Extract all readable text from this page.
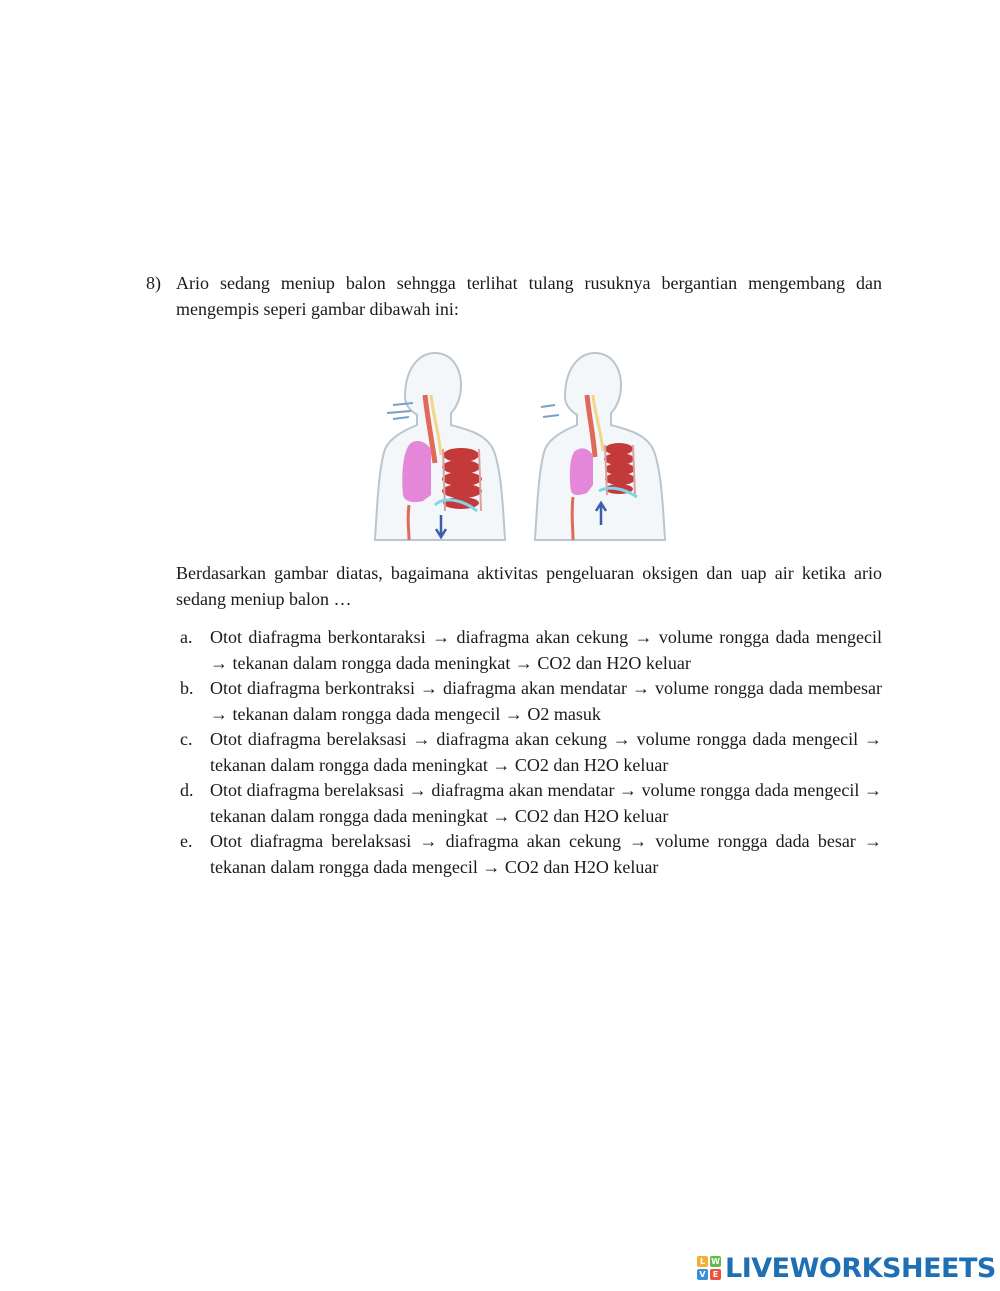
8) Ario sedang meniup balon sehngga terlihat tulang rusuknya bergantian mengembang dan mengempis seperi gambar dibawah ini:
Berdasarkan gambar diatas, bagaimana aktivitas pengeluaran oksigen dan uap air ketika ario sedang meniup balon …
a. Otot diafragma berkontaraksi → diafragma akan cekung → volume rongga dada mengecil → tekanan dalam rongga dada meningkat → CO2 dan H2O keluar
b. Otot diafragma berkontraksi → diafragma akan mendatar → volume rongga dada membesar → tekanan dalam rongga dada mengecil → O2 masuk
c. Otot diafragma berelaksasi → diafragma akan cekung → volume rongga dada mengecil → tekanan dalam rongga dada meningkat → CO2 dan H2O keluar
d. Otot diafragma berelaksasi → diafragma akan mendatar → volume rongga dada mengecil → tekanan dalam rongga dada meningkat → CO2 dan H2O keluar
e. Otot diafragma berelaksasi → diafragma akan cekung → volume rongga dada besar → tekanan dalam rongga dada mengecil → CO2 dan H2O keluar
L W
V E LIVEWORKSHEETS
